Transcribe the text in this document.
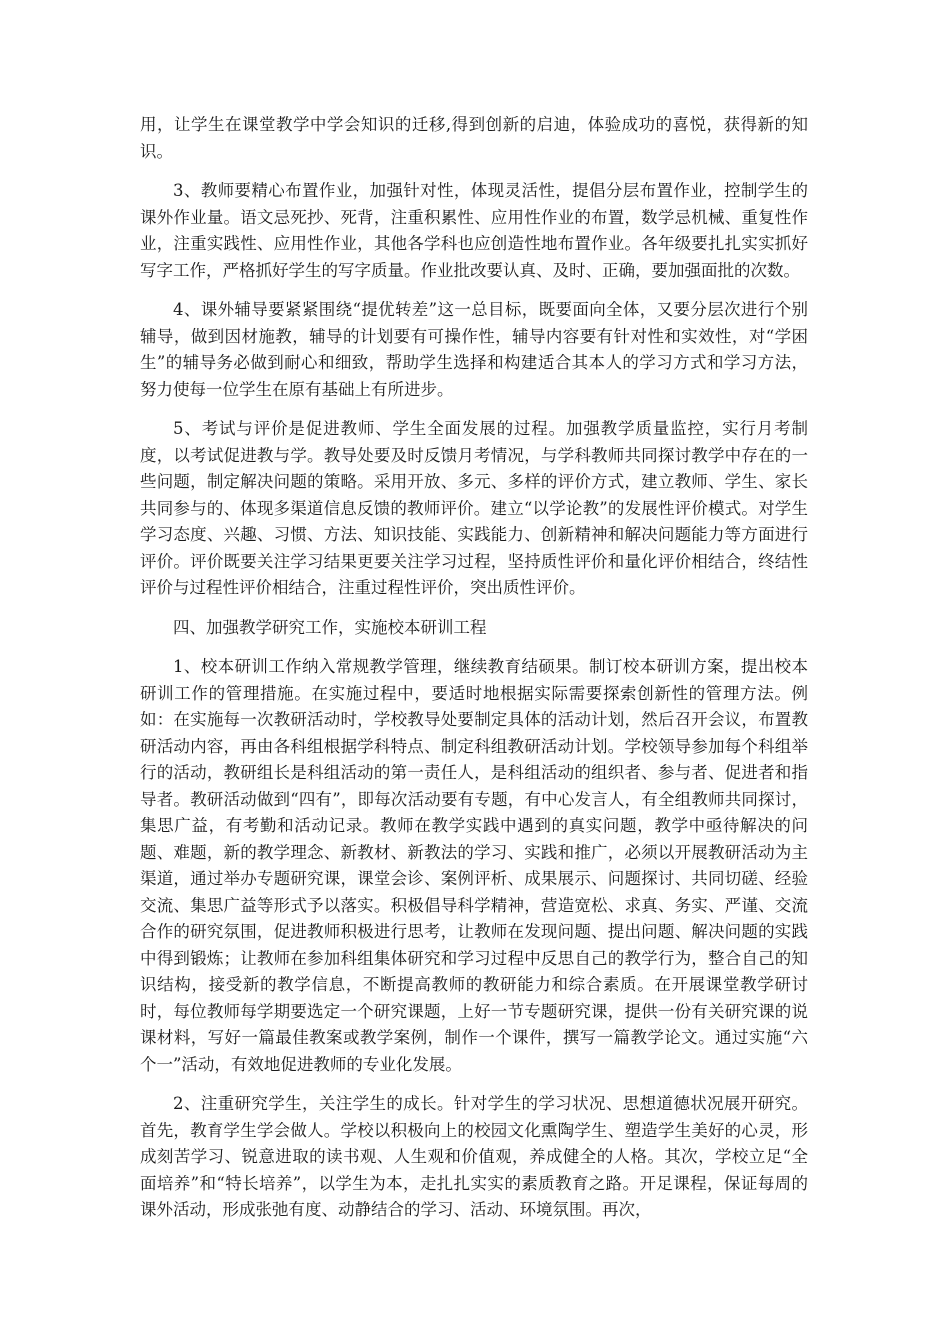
用，让学生在课堂教学中学会知识的迁移,得到创新的启迪，体验成功的喜悦，获得新的知识。

3、教师要精心布置作业，加强针对性，体现灵活性，提倡分层布置作业，控制学生的课外作业量。语文忌死抄、死背，注重积累性、应用性作业的布置，数学忌机械、重复性作业，注重实践性、应用性作业，其他各学科也应创造性地布置作业。各年级要扎扎实实抓好写字工作，严格抓好学生的写字质量。作业批改要认真、及时、正确，要加强面批的次数。

4、课外辅导要紧紧围绕“提优转差”这一总目标，既要面向全体，又要分层次进行个别辅导，做到因材施教，辅导的计划要有可操作性，辅导内容要有针对性和实效性，对“学困生”的辅导务必做到耐心和细致，帮助学生选择和构建适合其本人的学习方式和学习方法，努力使每一位学生在原有基础上有所进步。

5、考试与评价是促进教师、学生全面发展的过程。加强教学质量监控，实行月考制度，以考试促进教与学。教导处要及时反馈月考情况，与学科教师共同探讨教学中存在的一些问题，制定解决问题的策略。采用开放、多元、多样的评价方式，建立教师、学生、家长共同参与的、体现多渠道信息反馈的教师评价。建立“以学论教”的发展性评价模式。对学生学习态度、兴趣、习惯、方法、知识技能、实践能力、创新精神和解决问题能力等方面进行评价。评价既要关注学习结果更要关注学习过程，坚持质性评价和量化评价相结合，终结性评价与过程性评价相结合，注重过程性评价，突出质性评价。

四、加强教学研究工作，实施校本研训工程

1、校本研训工作纳入常规教学管理，继续教育结硕果。制订校本研训方案，提出校本研训工作的管理措施。在实施过程中，要适时地根据实际需要探索创新性的管理方法。例如：在实施每一次教研活动时，学校教导处要制定具体的活动计划，然后召开会议，布置教研活动内容，再由各科组根据学科特点、制定科组教研活动计划。学校领导参加每个科组举行的活动，教研组长是科组活动的第一责任人，是科组活动的组织者、参与者、促进者和指导者。教研活动做到“四有”，即每次活动要有专题，有中心发言人，有全组教师共同探讨，集思广益，有考勤和活动记录。教师在教学实践中遇到的真实问题，教学中亟待解决的问题、难题，新的教学理念、新教材、新教法的学习、实践和推广，必须以开展教研活动为主渠道，通过举办专题研究课，课堂会诊、案例评析、成果展示、问题探讨、共同切磋、经验交流、集思广益等形式予以落实。积极倡导科学精神，营造宽松、求真、务实、严谨、交流合作的研究氛围，促进教师积极进行思考，让教师在发现问题、提出问题、解决问题的实践中得到锻炼；让教师在参加科组集体研究和学习过程中反思自己的教学行为，整合自己的知识结构，接受新的教学信息，不断提高教师的教研能力和综合素质。在开展课堂教学研讨时，每位教师每学期要选定一个研究课题，上好一节专题研究课，提供一份有关研究课的说课材料，写好一篇最佳教案或教学案例，制作一个课件，撰写一篇教学论文。通过实施“六个一”活动，有效地促进教师的专业化发展。

2、注重研究学生，关注学生的成长。针对学生的学习状况、思想道德状况展开研究。首先，教育学生学会做人。学校以积极向上的校园文化熏陶学生、塑造学生美好的心灵，形成刻苦学习、锐意进取的读书观、人生观和价值观，养成健全的人格。其次，学校立足“全面培养”和“特长培养”，以学生为本，走扎扎实实的素质教育之路。开足课程，保证每周的课外活动，形成张弛有度、动静结合的学习、活动、环境氛围。再次，
